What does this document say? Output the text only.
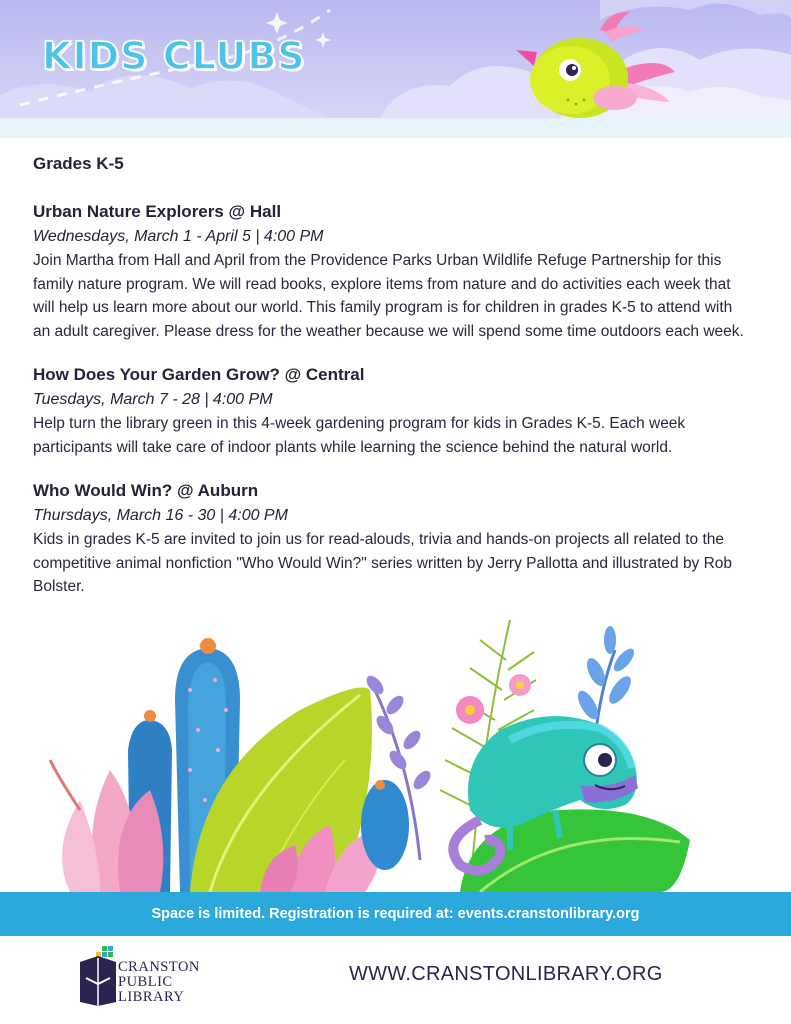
KIDS CLUBS
Grades K-5
Urban Nature Explorers @ Hall
Wednesdays, March 1 - April 5 | 4:00 PM
Join Martha from Hall and April from the Providence Parks Urban Wildlife Refuge Partnership for this family nature program. We will read books, explore items from nature and do activities each week that will help us learn more about our world. This family program is for children in grades K-5 to attend with an adult caregiver. Please dress for the weather because we will spend some time outdoors each week.
How Does Your Garden Grow? @ Central
Tuesdays, March 7 - 28 | 4:00 PM
Help turn the library green in this 4-week gardening program for kids in Grades K-5. Each week participants will take care of indoor plants while learning the science behind the natural world.
Who Would Win? @ Auburn
Thursdays, March 16 - 30 | 4:00 PM
Kids in grades K-5 are invited to join us for read-alouds, trivia and hands-on projects all related to the competitive animal nonfiction "Who Would Win?" series written by Jerry Pallotta and illustrated by Rob Bolster.
Space is limited. Registration is required at: events.cranstonlibrary.org
CRANSTON
PUBLIC
LIBRARY
WWW.CRANSTONLIBRARY.ORG
